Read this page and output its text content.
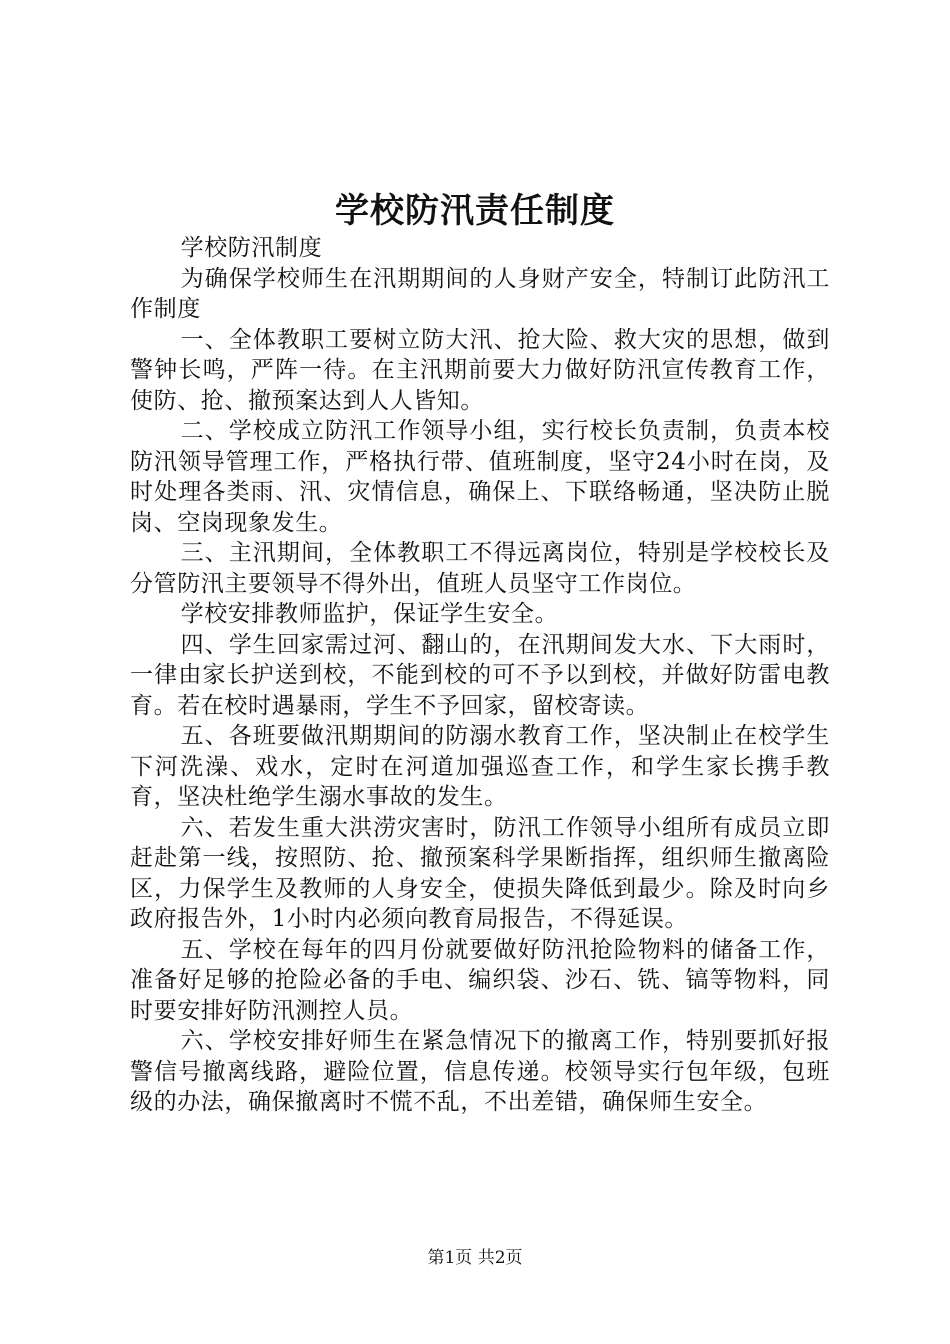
学校防汛责任制度

学校防汛制度

为确保学校师生在汛期期间的人身财产安全，特制订此防汛工作制度

一、全体教职工要树立防大汛、抢大险、救大灾的思想，做到警钟长鸣，严阵一待。在主汛期前要大力做好防汛宣传教育工作，使防、抢、撤预案达到人人皆知。

二、学校成立防汛工作领导小组，实行校长负责制，负责本校防汛领导管理工作，严格执行带、值班制度，坚守24小时在岗，及时处理各类雨、汛、灾情信息，确保上、下联络畅通，坚决防止脱岗、空岗现象发生。

三、主汛期间，全体教职工不得远离岗位，特别是学校校长及分管防汛主要领导不得外出，值班人员坚守工作岗位。

学校安排教师监护，保证学生安全。

四、学生回家需过河、翻山的，在汛期间发大水、下大雨时，一律由家长护送到校，不能到校的可不予以到校，并做好防雷电教育。若在校时遇暴雨，学生不予回家，留校寄读。

五、各班要做汛期期间的防溺水教育工作，坚决制止在校学生下河洗澡、戏水，定时在河道加强巡查工作，和学生家长携手教育，坚决杜绝学生溺水事故的发生。

六、若发生重大洪涝灾害时，防汛工作领导小组所有成员立即赶赴第一线，按照防、抢、撤预案科学果断指挥，组织师生撤离险区，力保学生及教师的人身安全，使损失降低到最少。除及时向乡政府报告外，1小时内必须向教育局报告，不得延误。

五、学校在每年的四月份就要做好防汛抢险物料的储备工作，准备好足够的抢险必备的手电、编织袋、沙石、铣、镐等物料，同时要安排好防汛测控人员。

六、学校安排好师生在紧急情况下的撤离工作，特别要抓好报警信号撤离线路，避险位置，信息传递。校领导实行包年级，包班级的办法，确保撤离时不慌不乱，不出差错，确保师生安全。

第1页 共2页
